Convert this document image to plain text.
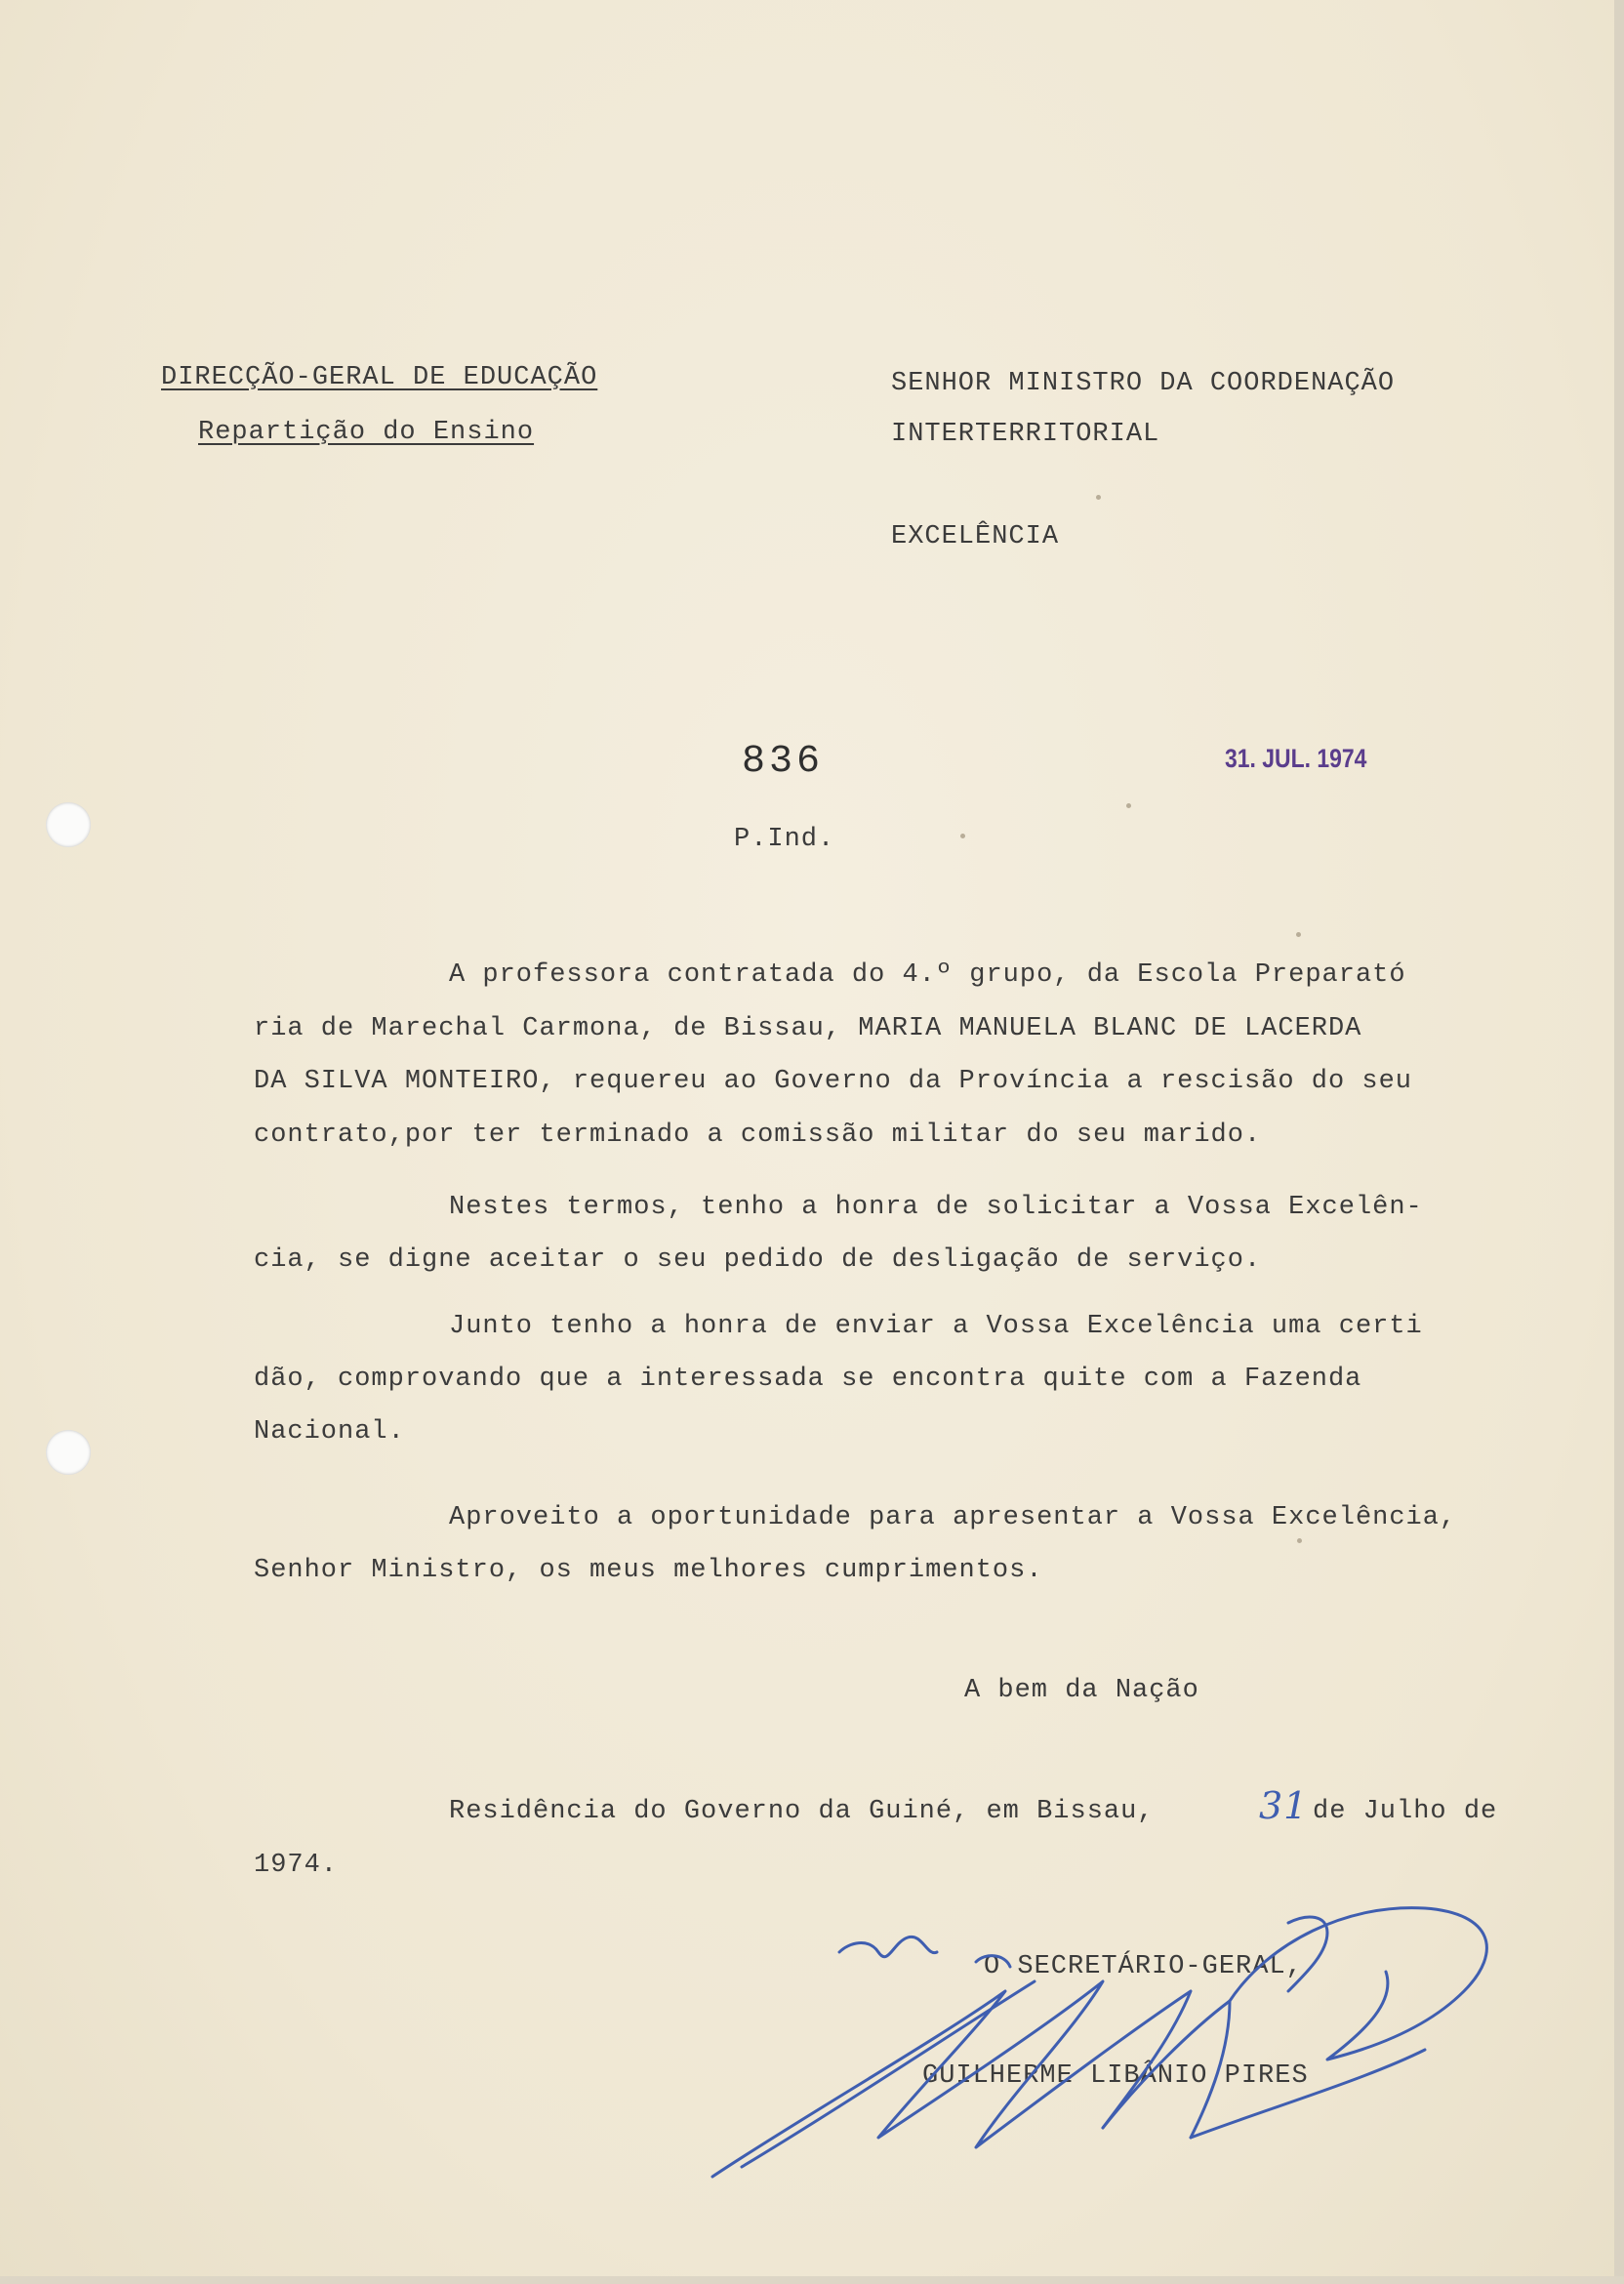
DIRECÇÃO-GERAL DE EDUCAÇÃO
Repartição do Ensino
SENHOR MINISTRO DA COORDENAÇÃO
INTERTERRITORIAL
EXCELÊNCIA
836	31. JUL. 1974
P.Ind.
A professora contratada do 4.º grupo, da Escola Preparató
ria de Marechal Carmona, de Bissau, MARIA MANUELA BLANC DE LACERDA
DA SILVA MONTEIRO, requereu ao Governo da Província a rescisão do seu
contrato,por ter terminado a comissão militar do seu marido.
Nestes termos, tenho a honra de solicitar a Vossa Excelên-
cia, se digne aceitar o seu pedido de desligação de serviço.
Junto tenho a honra de enviar a Vossa Excelência uma certi
dão, comprovando que a interessada se encontra quite com a Fazenda
Nacional.
Aproveito a oportunidade para apresentar a Vossa Excelência,
Senhor Ministro, os meus melhores cumprimentos.
A bem da Nação
Residência do Governo da Guiné, em Bissau,	31 de Julho de
1974.
O SECRETÁRIO-GERAL,
GUILHERME LIBÂNIO PIRES
